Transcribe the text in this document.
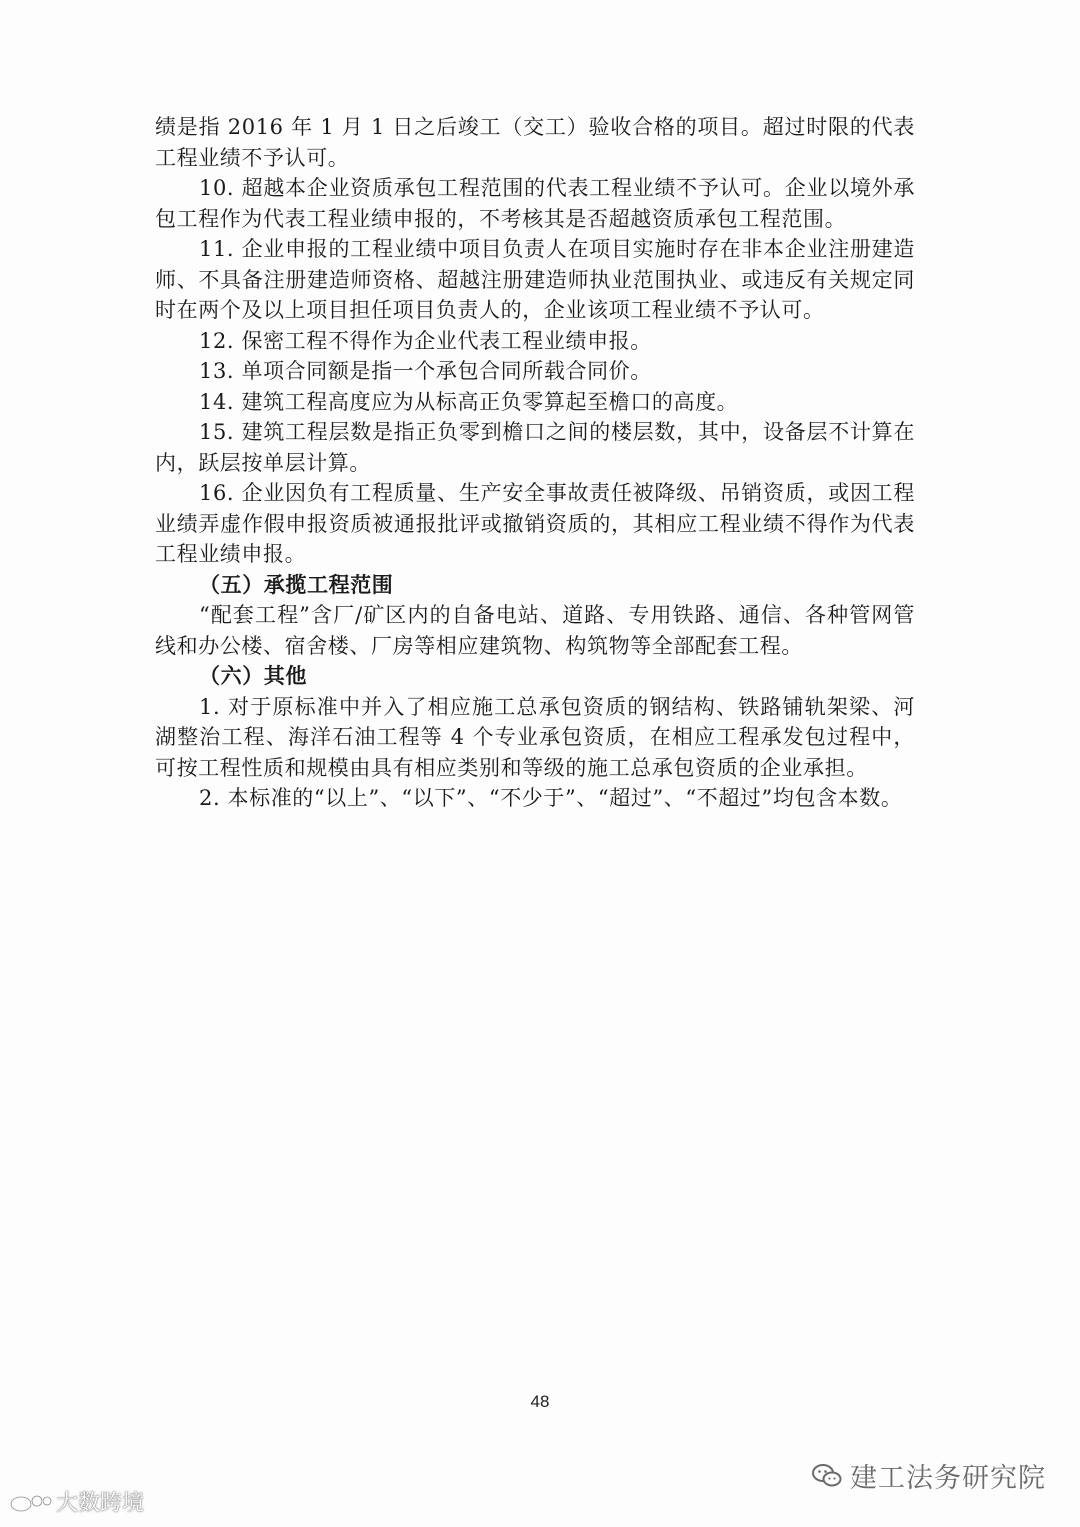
绩是指 2016 年 1 月 1 日之后竣工（交工）验收合格的项目。超过时限的代表工程业绩不予认可。

10. 超越本企业资质承包工程范围的代表工程业绩不予认可。企业以境外承包工程作为代表工程业绩申报的，不考核其是否超越资质承包工程范围。

11. 企业申报的工程业绩中项目负责人在项目实施时存在非本企业注册建造师、不具备注册建造师资格、超越注册建造师执业范围执业、或违反有关规定同时在两个及以上项目担任项目负责人的，企业该项工程业绩不予认可。

12. 保密工程不得作为企业代表工程业绩申报。

13. 单项合同额是指一个承包合同所载合同价。

14. 建筑工程高度应为从标高正负零算起至檐口的高度。

15. 建筑工程层数是指正负零到檐口之间的楼层数，其中，设备层不计算在内，跃层按单层计算。

16. 企业因负有工程质量、生产安全事故责任被降级、吊销资质，或因工程业绩弄虚作假申报资质被通报批评或撤销资质的，其相应工程业绩不得作为代表工程业绩申报。

（五）承揽工程范围

“配套工程”含厂/矿区内的自备电站、道路、专用铁路、通信、各种管网管线和办公楼、宿舍楼、厂房等相应建筑物、构筑物等全部配套工程。

（六）其他

1. 对于原标准中并入了相应施工总承包资质的钢结构、铁路铺轨架梁、河湖整治工程、海洋石油工程等 4 个专业承包资质，在相应工程承发包过程中，可按工程性质和规模由具有相应类别和等级的施工总承包资质的企业承担。

2. 本标准的“以上”、“以下”、“不少于”、“超过”、“不超过”均包含本数。

48
建工法务研究院
大数跨境
